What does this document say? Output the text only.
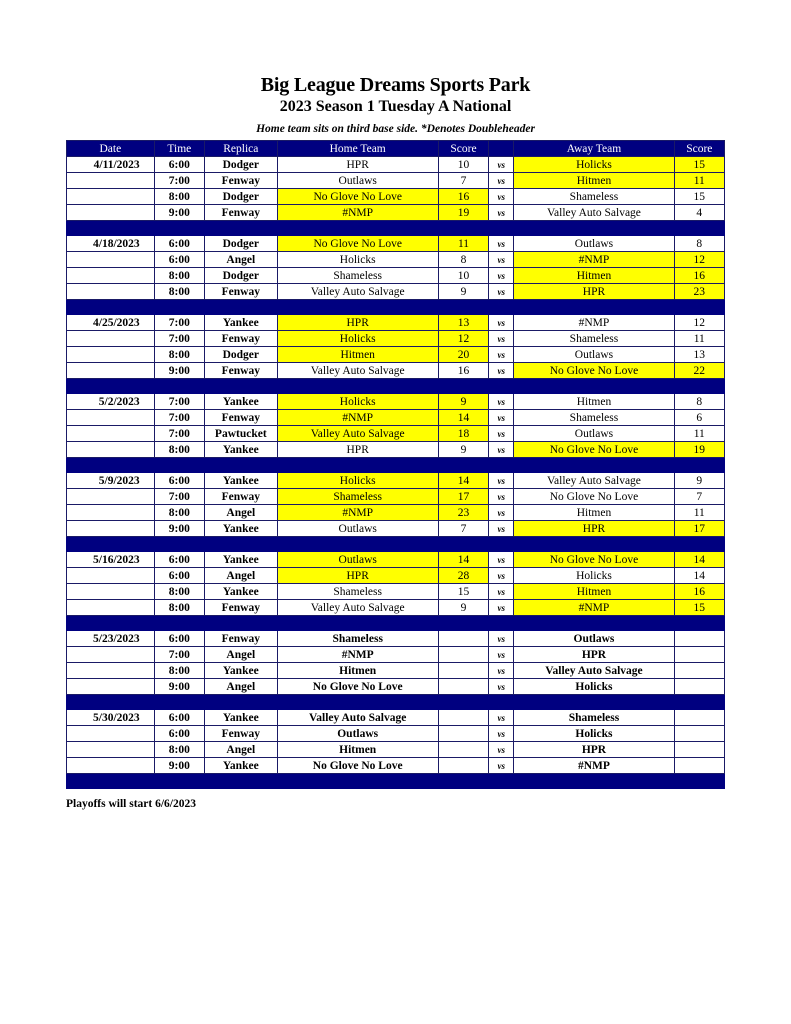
Big League Dreams Sports Park
2023 Season 1 Tuesday A National
Home team sits on third base side. *Denotes Doubleheader
Date	Time	Replica	Home Team	Score		Away Team	Score
4/11/2023	6:00	Dodger	HPR	10	vs	Holicks	15
	7:00	Fenway	Outlaws	7	vs	Hitmen	11
	8:00	Dodger	No Glove No Love	16	vs	Shameless	15
	9:00	Fenway	#NMP	19	vs	Valley Auto Salvage	4

4/18/2023	6:00	Dodger	No Glove No Love	11	vs	Outlaws	8
	6:00	Angel	Holicks	8	vs	#NMP	12
	8:00	Dodger	Shameless	10	vs	Hitmen	16
	8:00	Fenway	Valley Auto Salvage	9	vs	HPR	23

4/25/2023	7:00	Yankee	HPR	13	vs	#NMP	12
	7:00	Fenway	Holicks	12	vs	Shameless	11
	8:00	Dodger	Hitmen	20	vs	Outlaws	13
	9:00	Fenway	Valley Auto Salvage	16	vs	No Glove No Love	22

5/2/2023	7:00	Yankee	Holicks	9	vs	Hitmen	8
	7:00	Fenway	#NMP	14	vs	Shameless	6
	7:00	Pawtucket	Valley Auto Salvage	18	vs	Outlaws	11
	8:00	Yankee	HPR	9	vs	No Glove No Love	19

5/9/2023	6:00	Yankee	Holicks	14	vs	Valley Auto Salvage	9
	7:00	Fenway	Shameless	17	vs	No Glove No Love	7
	8:00	Angel	#NMP	23	vs	Hitmen	11
	9:00	Yankee	Outlaws	7	vs	HPR	17

5/16/2023	6:00	Yankee	Outlaws	14	vs	No Glove No Love	14
	6:00	Angel	HPR	28	vs	Holicks	14
	8:00	Yankee	Shameless	15	vs	Hitmen	16
	8:00	Fenway	Valley Auto Salvage	9	vs	#NMP	15

5/23/2023	6:00	Fenway	Shameless		vs	Outlaws	
	7:00	Angel	#NMP		vs	HPR	
	8:00	Yankee	Hitmen		vs	Valley Auto Salvage	
	9:00	Angel	No Glove No Love		vs	Holicks	

5/30/2023	6:00	Yankee	Valley Auto Salvage		vs	Shameless	
	6:00	Fenway	Outlaws		vs	Holicks	
	8:00	Angel	Hitmen		vs	HPR	
	9:00	Yankee	No Glove No Love		vs	#NMP	

Playoffs will start 6/6/2023
